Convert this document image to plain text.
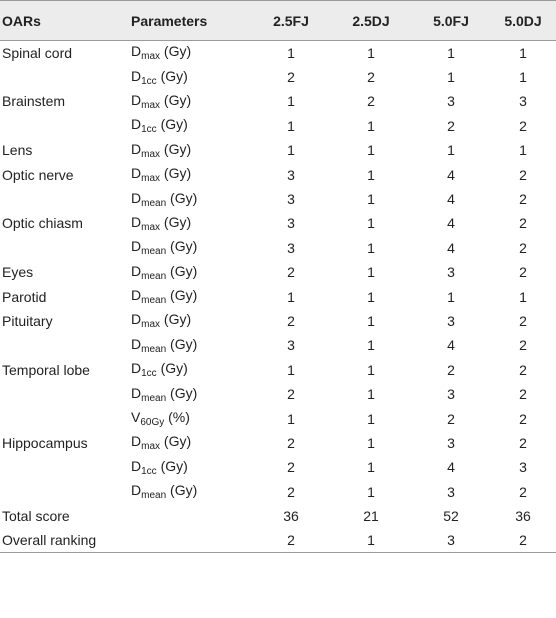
OARs	Parameters	2.5FJ	2.5DJ	5.0FJ	5.0DJ
Spinal cord	$D_{max}$ (Gy)	1	1	1	1
	$D_{1cc}$ (Gy)	2	2	1	1
Brainstem	$D_{max}$ (Gy)	1	2	3	3
	$D_{1cc}$ (Gy)	1	1	2	2
Lens	$D_{max}$ (Gy)	1	1	1	1
Optic nerve	$D_{max}$ (Gy)	3	1	4	2
	$D_{mean}$ (Gy)	3	1	4	2
Optic chiasm	$D_{max}$ (Gy)	3	1	4	2
	$D_{mean}$ (Gy)	3	1	4	2
Eyes	$D_{mean}$ (Gy)	2	1	3	2
Parotid	$D_{mean}$ (Gy)	1	1	1	1
Pituitary	$D_{max}$ (Gy)	2	1	3	2
	$D_{mean}$ (Gy)	3	1	4	2
Temporal lobe	$D_{1cc}$ (Gy)	1	1	2	2
	$D_{mean}$ (Gy)	2	1	3	2
	$V_{60Gy}$ (%)	1	1	2	2
Hippocampus	$D_{max}$ (Gy)	2	1	3	2
	$D_{1cc}$ (Gy)	2	1	4	3
	$D_{mean}$ (Gy)	2	1	3	2
Total score		36	21	52	36
Overall ranking		2	1	3	2
